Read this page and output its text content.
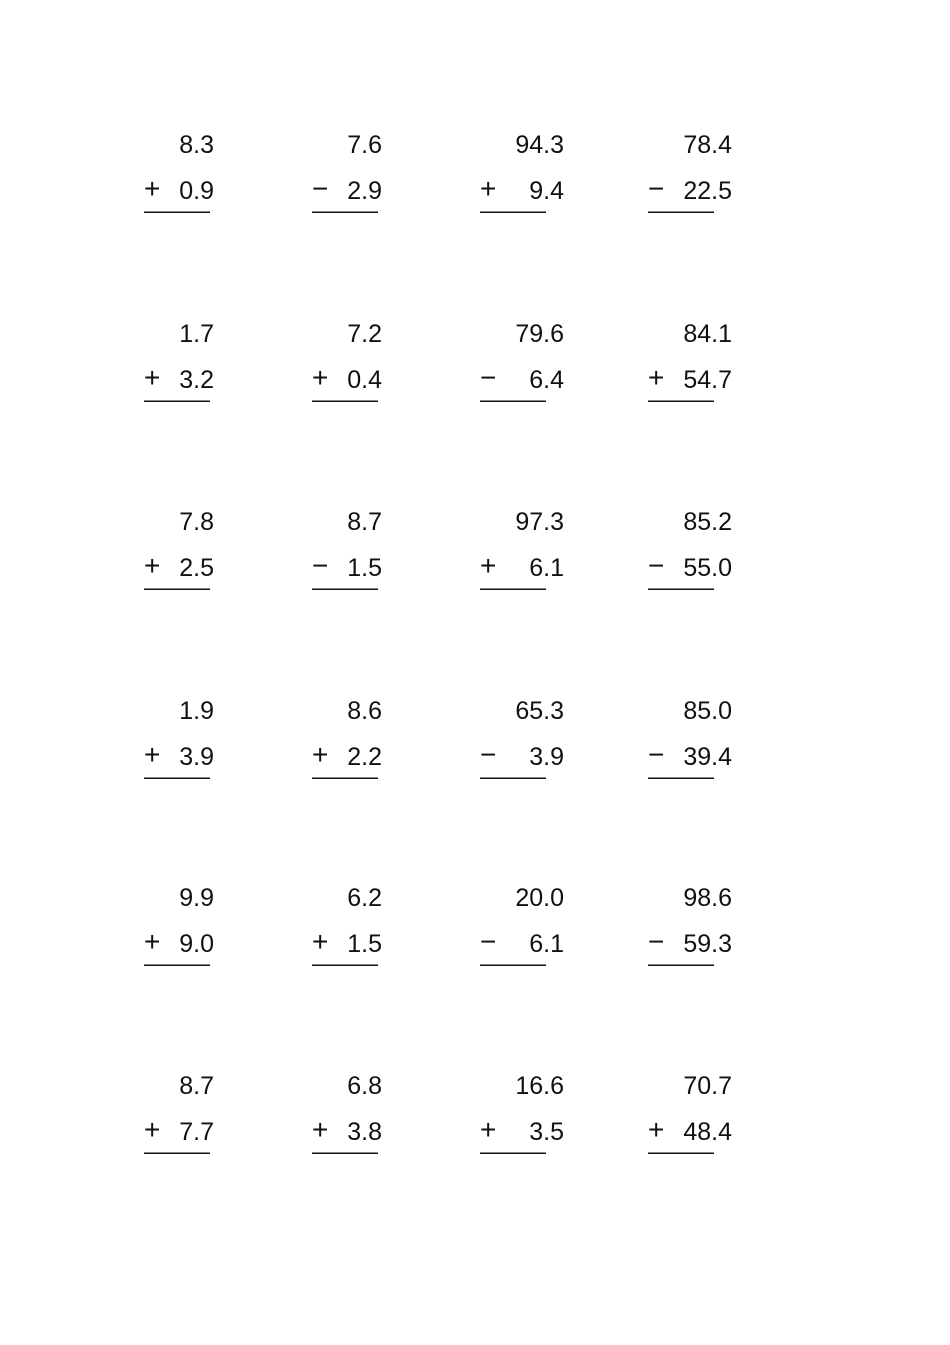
8.3
+ 0.9
———
7.6
− 2.9
———
94.3
+	9.4
———
78.4
− 22.5
———
1.7
+ 3.2
———
7.2
+ 0.4
———
79.6
−	6.4
———
84.1
+ 54.7
———
7.8
+ 2.5
———
8.7
− 1.5
———
97.3
+	6.1
———
85.2
− 55.0
———
1.9
+ 3.9
———
8.6
+ 2.2
———
65.3
−	3.9
———
85.0
− 39.4
———
9.9
+ 9.0
———
6.2
+ 1.5
———
20.0
−	6.1
———
98.6
− 59.3
———
8.7
+ 7.7
———
6.8
+ 3.8
———
16.6
+	3.5
———
70.7
+ 48.4
———
